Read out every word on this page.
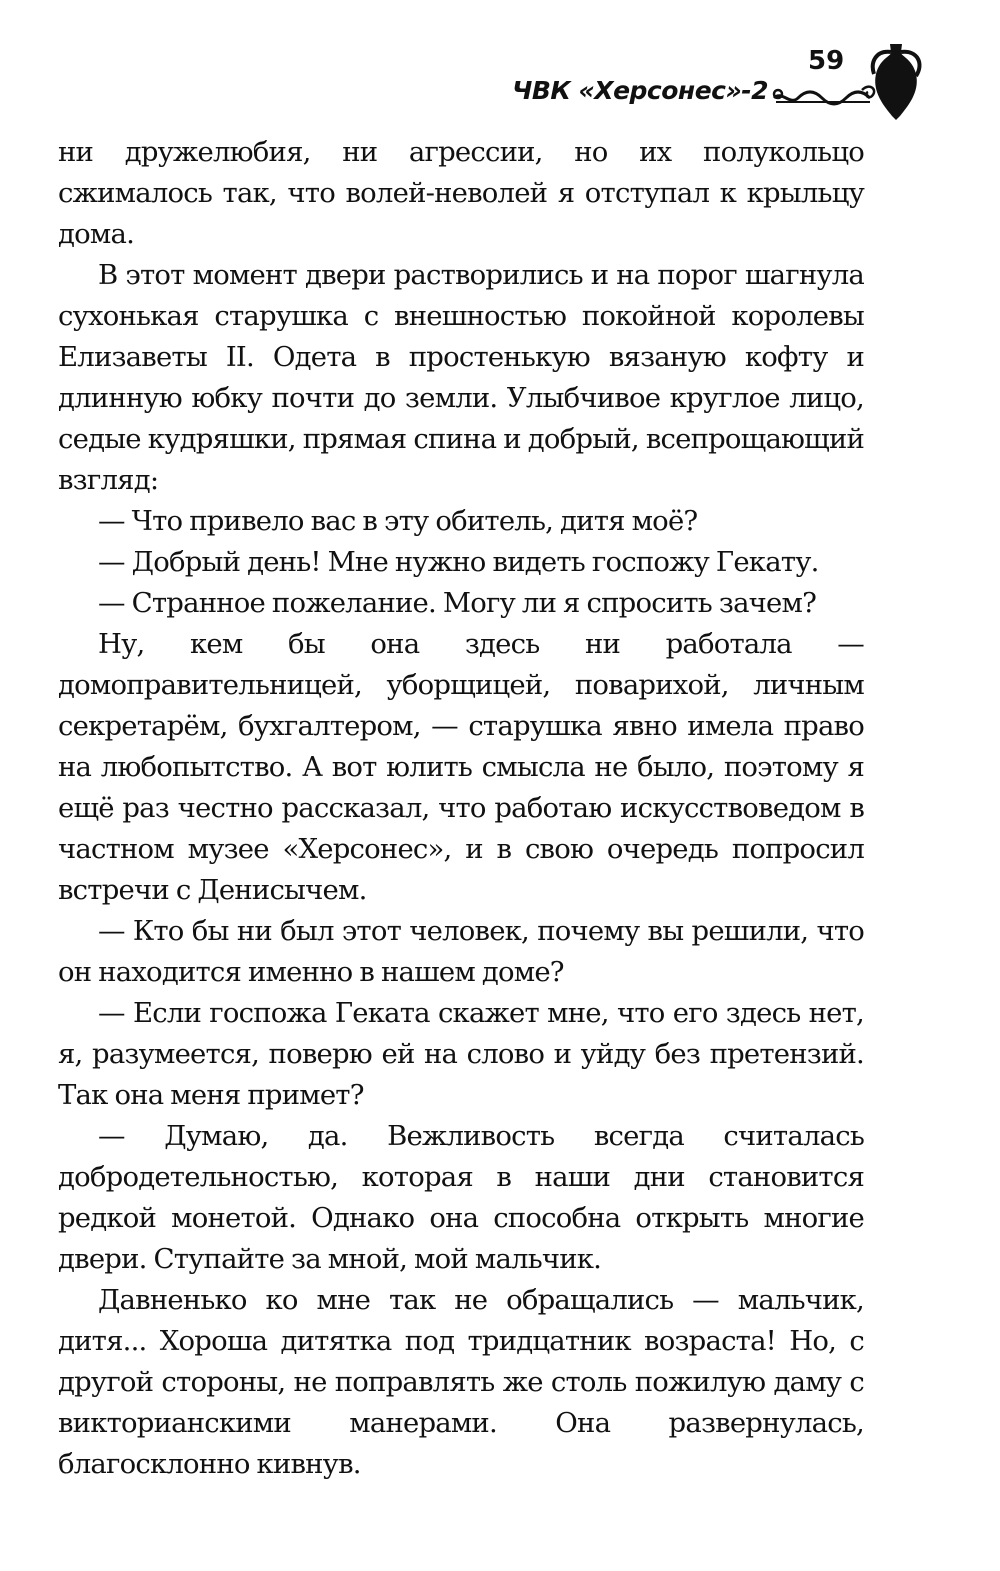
ЧВК «Херсонес»-2
59

ни дружелюбия, ни агрессии, но их полукольцо сжималось так, что волей-неволей я отступал к крыльцу дома.

В этот момент двери растворились и на порог шагнула сухонькая старушка с внешностью покойной королевы Елизаветы II. Одета в простенькую вязаную кофту и длинную юбку почти до земли. Улыбчивое круглое лицо, седые кудряшки, прямая спина и добрый, всепрощающий взгляд:

— Что привело вас в эту обитель, дитя моё?

— Добрый день! Мне нужно видеть госпожу Гекату.

— Странное пожелание. Могу ли я спросить зачем?

Ну, кем бы она здесь ни работала — домоправительницей, уборщицей, поварихой, личным секретарём, бухгалтером, — старушка явно имела право на любопытство. А вот юлить смысла не было, поэтому я ещё раз честно рассказал, что работаю искусствоведом в частном музее «Херсонес», и в свою очередь попросил встречи с Денисычем.

— Кто бы ни был этот человек, почему вы решили, что он находится именно в нашем доме?

— Если госпожа Геката скажет мне, что его здесь нет, я, разумеется, поверю ей на слово и уйду без претензий. Так она меня примет?

— Думаю, да. Вежливость всегда считалась добродетельностью, которая в наши дни становится редкой монетой. Однако она способна открыть многие двери. Ступайте за мной, мой мальчик.

Давненько ко мне так не обращались — мальчик, дитя... Хороша дитятка под тридцатник возраста! Но, с другой стороны, не поправлять же столь пожилую даму с викторианскими манерами. Она развернулась, благосклонно кивнув.
